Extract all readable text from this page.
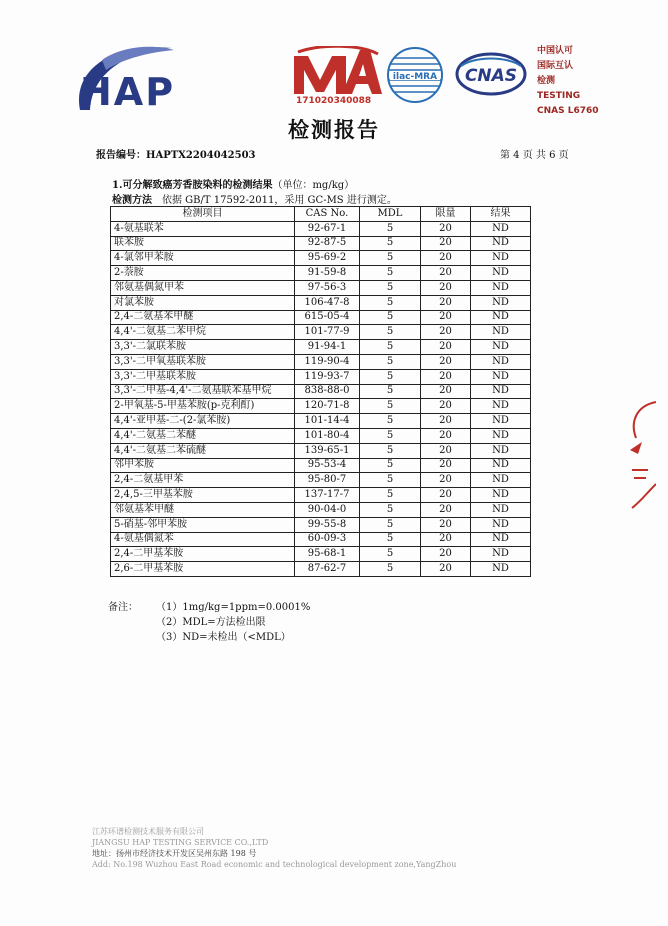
HAP	171020340088
ilac-MRA CNAS
中国认可
国际互认
检测
TESTING
CNAS L6760
检测报告
报告编号：HAPTX2204042503	第 4 页 共 6 页
1.可分解致癌芳香胺染料的检测结果（单位：mg/kg）
检测方法 依据 GB/T 17592-2011，采用 GC-MS 进行测定。
检测项目	CAS No.	MDL	限量	结果
4-氨基联苯	92-67-1	5	20	ND
联苯胺	92-87-5	5	20	ND
4-氯邻甲苯胺	95-69-2	5	20	ND
2-萘胺	91-59-8	5	20	ND
邻氨基偶氮甲苯	97-56-3	5	20	ND
对氯苯胺	106-47-8	5	20	ND
2,4-二氨基苯甲醚	615-05-4	5	20	ND
4,4'-二氨基二苯甲烷	101-77-9	5	20	ND
3,3'-二氯联苯胺	91-94-1	5	20	ND
3,3'-二甲氧基联苯胺	119-90-4	5	20	ND
3,3'-二甲基联苯胺	119-93-7	5	20	ND
3,3'-二甲基-4,4'-二氨基联苯基甲烷	838-88-0	5	20	ND
2-甲氧基-5-甲基苯胺(p-克利酊)	120-71-8	5	20	ND
4,4'-亚甲基-二-(2-氯苯胺)	101-14-4	5	20	ND
4,4'-二氨基二苯醚	101-80-4	5	20	ND
4,4'-二氨基二苯硫醚	139-65-1	5	20	ND
邻甲苯胺	95-53-4	5	20	ND
2,4-二氨基甲苯	95-80-7	5	20	ND
2,4,5-三甲基苯胺	137-17-7	5	20	ND
邻氨基苯甲醚	90-04-0	5	20	ND
5-硝基-邻甲苯胺	99-55-8	5	20	ND
4-氨基偶氮苯	60-09-3	5	20	ND
2,4-二甲基苯胺	95-68-1	5	20	ND
2,6-二甲基苯胺	87-62-7	5	20	ND
备注： （1）1mg/kg=1ppm=0.0001%
（2）MDL=方法检出限
（3）ND=未检出（<MDL）
江苏环谱检测技术服务有限公司
JIANGSU HAP TESTING SERVICE CO.,LTD
地址：扬州市经济技术开发区吴州东路 198 号
Add: No.198 Wuzhou East Road economic and technological development zone,YangZhou
